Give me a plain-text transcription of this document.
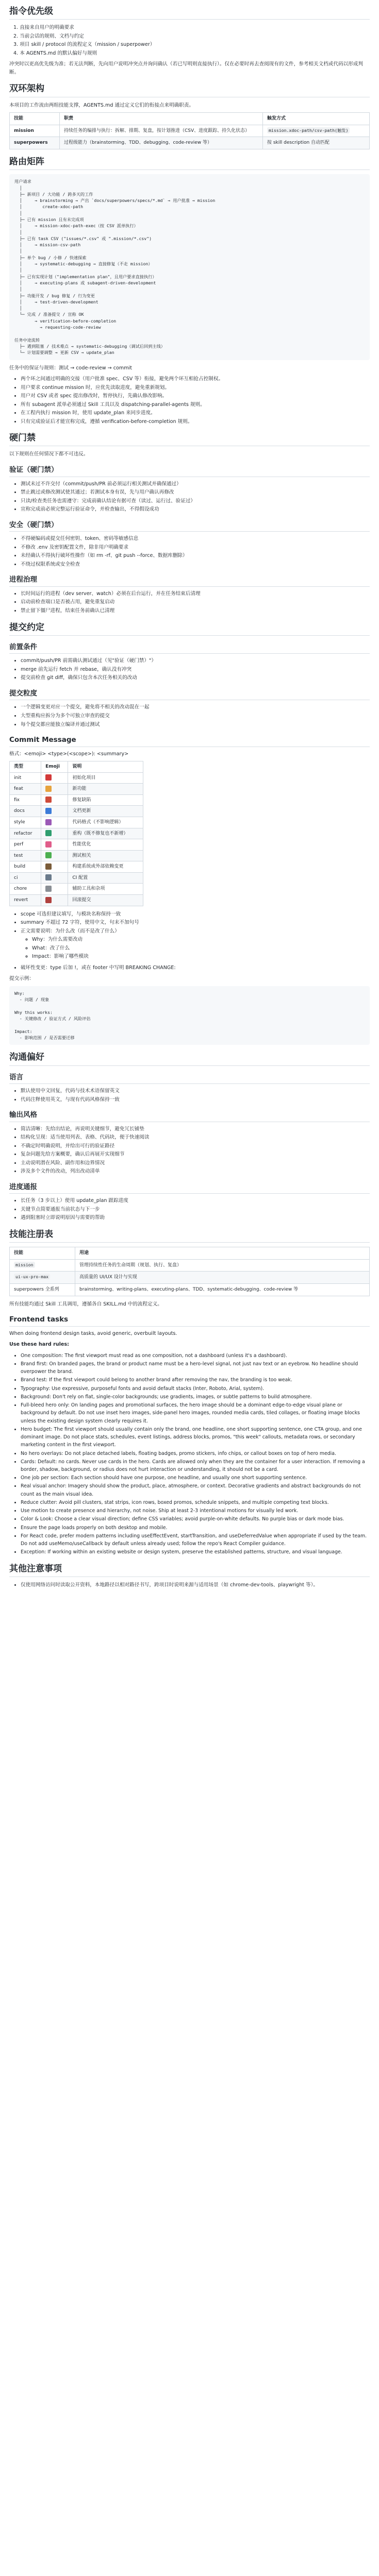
指令优先级
1. 直接来自用户的明确要求
2. 当前会话的规则、文档与约定
3. 项目 skill / protocol 的流程定义（mission / superpower）
4. 本 AGENTS.md 的默认偏好与规则

冲突时以更高优先级为准；若无法判断，先向用户说明冲突点并询问确认（若已写明则直接执行）。仅在必要时再去查阅现有的文件，参考相关文档或代码以形成判断。

双环架构

本项目的工作流由两组技能支撑，AGENTS.md 通过定义它们的衔接点来明确职责。

技能	职责	触发方式
mission	持续任务的编排与执行：拆解、排期、复盘，按计划推进（CSV、进度跟踪、持久化状态）	mission.xdoc-path/csv-path(触发)
superpowers	过程级能力（brainstorming、TDD、debugging、code-review 等）	按 skill description 自动匹配
路由矩阵
用户请求
│
├─ 新项目 / 大功能 / 跨多天的工作
│     → brainstorming → 产出 `docs/superpowers/specs/*.md` → 用户批准 → mission
│        create-xdoc-path
│
├─ 已有 mission 且有未完成项
│     → mission-xdoc-path-exec（按 CSV 派单执行）
│
├─ 已有 task CSV ("issues/*.csv" 或 ".mission/*.csv")
│     → mission-csv-path
│
├─ 单个 bug / 小修 / 快速探索
│     → systematic-debugging → 直接修复（不走 mission）
│
├─ 已有实现计划（"implementation plan"，且用户要求直接执行）
│     → executing-plans 或 subagent-driven-development
│
├─ 功能开发 / bug 修复 / 行为变更
│     → test-driven-development
│
└─ 完成 / 准备提交 / 宣称 OK
→ verification-before-completion
→ requesting-code-review

任务中途流转
├─ 遇到阻塞 / 技术难点 → systematic-debugging（调试后回到主线）
└─ 计划需要调整 → 更新 CSV → update_plan

任务中的保证与规则：测试 → code-review → commit

• 两个环之间通过明确的交接（用户批准 spec、CSV 等）衔接，避免两个环互相抢占控制权。
• 用户要求 continue mission 时，应优先读取进度，避免重新规划。
• 用户对 CSV 或者 spec 提出修改时，暂停执行，先确认修改影响。
• 所有 subagent 派单必须通过 Skill 工具以及 dispatching-parallel-agents 规则。
• 在工程内执行 mission 时，使用 update_plan 来同步进度。
• 只有完成验证后才能宣称完成，遵循 verification-before-completion 规则。
硬门禁

以下规则在任何情况下都不可违反。

验证（硬门禁）
• 测试未过不许交付（commit/push/PR 前必须运行相关测试并确保通过）
• 禁止跳过或修改测试使其通过；若测试本身有误，先与用户确认再修改
• 只读/检查类任务也需遵守：完成前确认结论有据可查（读过、运行过、验证过）
• 宣称完成前必须完整运行验证命令，并检查输出，不得假设成功
安全（硬门禁）
• 不得硬编码或提交任何密钥、token、密码等敏感信息
• 不修改 .env 及密钥配置文件，除非用户明确要求
• 未经确认不得执行破坏性操作（如 rm -rf、git push --force、数据库删除）
• 不绕过权限系统或安全检查
进程治理
• 长时间运行的进程（dev server、watch）必须在后台运行，并在任务结束后清理
• 启动前检查端口是否被占用，避免重复启动
• 禁止留下僵尸进程，结束任务前确认已清理
提交约定
前置条件
• commit/push/PR 前需确认测试通过（见"验证（硬门禁）"）
• merge 前先运行 fetch 并 rebase，确认没有冲突
• 提交前检查 git diff，确保只包含本次任务相关的改动
提交粒度
• 一个逻辑变更对应一个提交，避免将不相关的改动混在一起
• 大型重构应拆分为多个可独立审查的提交
• 每个提交都应能独立编译并通过测试
Commit Message

格式：<emoji> <type>(<scope>): <summary>

类型	Emoji	说明
init		初始化项目
feat		新功能
fix		修复缺陷
docs		文档更新
style		代码格式（不影响逻辑）
refactor		重构（既不修复也不新增）
perf		性能优化
test		测试相关
build		构建系统或外部依赖变更
ci		CI 配置
chore		辅助工具和杂项
revert		回滚提交
• scope 可选但建议填写，与模块名称保持一致
• summary 不超过 72 字符，使用中文，句末不加句号
• 正文需要说明：为什么改（而不是改了什么）
◦ Why：为什么需要改动
◦ What：改了什么
◦ Impact：影响了哪些模块
• 破坏性变更：type 后加 !，或在 footer 中写明 BREAKING CHANGE:

提交示例：

Why:
- 问题 / 现象

Why this works:
- 关键修改 / 验证方式 / 风险评估

Impact:
- 影响范围 / 是否需要迁移
沟通偏好
语言
• 默认使用中文回复，代码与技术术语保留英文
• 代码注释使用英文，与现有代码风格保持一致
输出风格
• 简洁清晰：先给出结论，再说明关键细节，避免冗长铺垫
• 结构化呈现：适当使用列表、表格、代码块，便于快速阅读
• 不确定时明确说明，并给出可行的验证路径
• 复杂问题先给方案概要，确认后再展开实现细节
• 主动说明潜在风险、副作用和边界情况
• 涉及多个文件的改动，列出改动清单
进度通报
• 长任务（3 步以上）使用 update_plan 跟踪进度
• 关键节点简要通报当前状态与下一步
• 遇到阻塞时立即说明原因与需要的帮助
技能注册表
技能	用途
mission	管理持续性任务的生命周期（规划、执行、复盘）
ui-ux-pro-max	高质量的 UI/UX 设计与实现
superpowers 全系列	brainstorming、writing-plans、executing-plans、TDD、systematic-debugging、code-review 等

所有技能均通过 Skill 工具调用，遵循各自 SKILL.md 中的流程定义。

Frontend tasks

When doing frontend design tasks, avoid generic, overbuilt layouts.

Use these hard rules:

• One composition: The first viewport must read as one composition, not a dashboard (unless it's a dashboard).
• Brand first: On branded pages, the brand or product name must be a hero-level signal, not just nav text or an eyebrow. No headline should overpower the brand.
• Brand test: If the first viewport could belong to another brand after removing the nav, the branding is too weak.
• Typography: Use expressive, purposeful fonts and avoid default stacks (Inter, Roboto, Arial, system).
• Background: Don't rely on flat, single-color backgrounds; use gradients, images, or subtle patterns to build atmosphere.
• Full-bleed hero only: On landing pages and promotional surfaces, the hero image should be a dominant edge-to-edge visual plane or background by default. Do not use inset hero images, side-panel hero images, rounded media cards, tiled collages, or floating image blocks unless the existing design system clearly requires it.
• Hero budget: The first viewport should usually contain only the brand, one headline, one short supporting sentence, one CTA group, and one dominant image. Do not place stats, schedules, event listings, address blocks, promos, "this week" callouts, metadata rows, or secondary marketing content in the first viewport.
• No hero overlays: Do not place detached labels, floating badges, promo stickers, info chips, or callout boxes on top of hero media.
• Cards: Default: no cards. Never use cards in the hero. Cards are allowed only when they are the container for a user interaction. If removing a border, shadow, background, or radius does not hurt interaction or understanding, it should not be a card.
• One job per section: Each section should have one purpose, one headline, and usually one short supporting sentence.
• Real visual anchor: Imagery should show the product, place, atmosphere, or context. Decorative gradients and abstract backgrounds do not count as the main visual idea.
• Reduce clutter: Avoid pill clusters, stat strips, icon rows, boxed promos, schedule snippets, and multiple competing text blocks.
• Use motion to create presence and hierarchy, not noise. Ship at least 2-3 intentional motions for visually led work.
• Color & Look: Choose a clear visual direction; define CSS variables; avoid purple-on-white defaults. No purple bias or dark mode bias.
• Ensure the page loads properly on both desktop and mobile.
• For React code, prefer modern patterns including useEffectEvent, startTransition, and useDeferredValue when appropriate if used by the team. Do not add useMemo/useCallback by default unless already used; follow the repo's React Compiler guidance.
• Exception: If working within an existing website or design system, preserve the established patterns, structure, and visual language.
其他注意事项
• 仅使用网络访问时读取公开资料，本地路径以相对路径书写，跨项目时说明来源与适用场景（如 chrome-dev-tools、playwright 等）。
